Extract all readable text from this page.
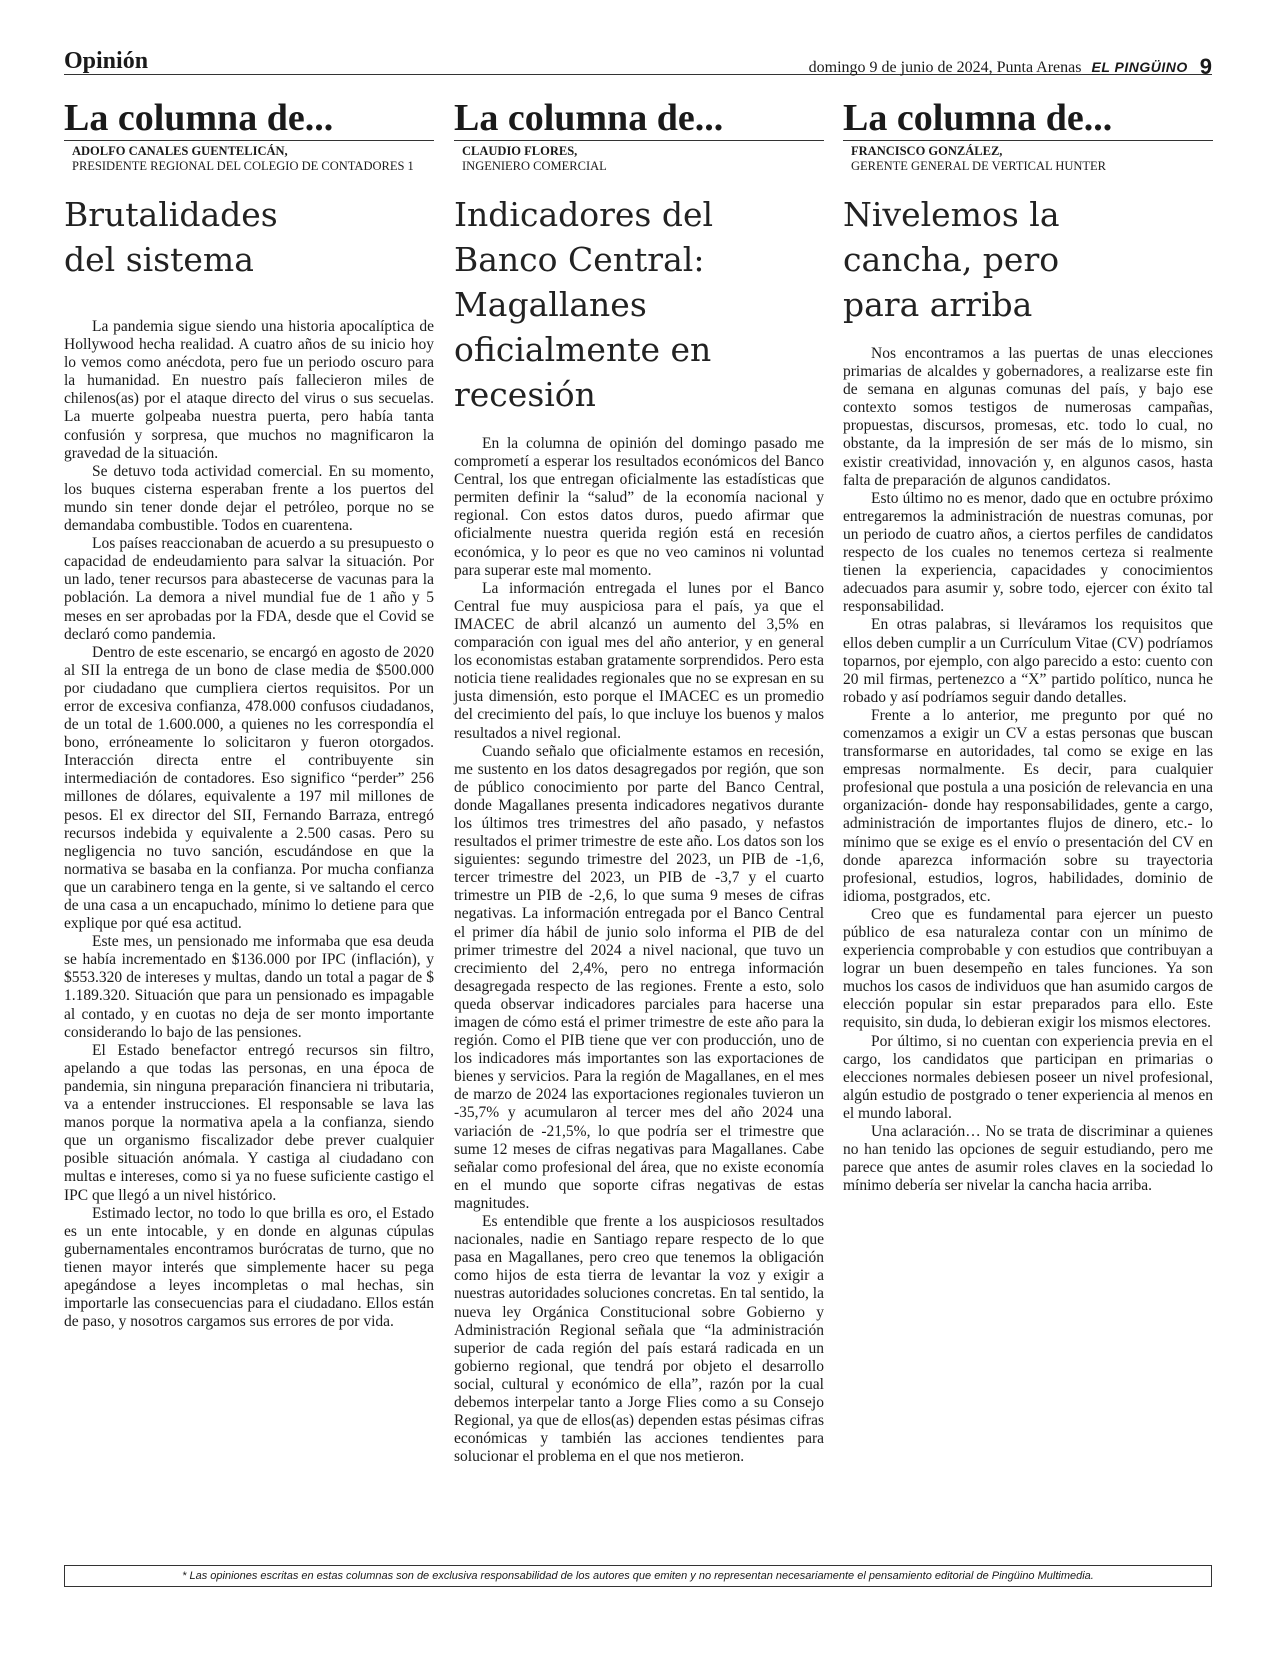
Opinión	domingo 9 de junio de 2024, Punta Arenas EL PINGÜINO 9
La columna de...
ADOLFO CANALES GUENTELICÁN,
PRESIDENTE REGIONAL DEL COLEGIO DE CONTADORES 1
Brutalidades del sistema

La pandemia sigue siendo una historia apocalíptica de Hollywood hecha realidad. A cuatro años de su inicio hoy lo vemos como anécdota, pero fue un periodo oscuro para la humanidad. En nuestro país fallecieron miles de chilenos(as) por el ataque directo del virus o sus secuelas. La muerte golpeaba nuestra puerta, pero había tanta confusión y sorpresa, que muchos no magnificaron la gravedad de la situación.

Se detuvo toda actividad comercial. En su momento, los buques cisterna esperaban frente a los puertos del mundo sin tener donde dejar el petróleo, porque no se demandaba combustible. Todos en cuarentena.

Los países reaccionaban de acuerdo a su presupuesto o capacidad de endeudamiento para salvar la situación. Por un lado, tener recursos para abastecerse de vacunas para la población. La demora a nivel mundial fue de 1 año y 5 meses en ser aprobadas por la FDA, desde que el Covid se declaró como pandemia.

Dentro de este escenario, se encargó en agosto de 2020 al SII la entrega de un bono de clase media de $500.000 por ciudadano que cumpliera ciertos requisitos. Por un error de excesiva confianza, 478.000 confusos ciudadanos, de un total de 1.600.000, a quienes no les correspondía el bono, erróneamente lo solicitaron y fueron otorgados. Interacción directa entre el contribuyente sin intermediación de contadores. Eso significo “perder” 256 millones de dólares, equivalente a 197 mil millones de pesos. El ex director del SII, Fernando Barraza, entregó recursos indebida y equivalente a 2.500 casas. Pero su negligencia no tuvo sanción, escudándose en que la normativa se basaba en la confianza. Por mucha confianza que un carabinero tenga en la gente, si ve saltando el cerco de una casa a un encapuchado, mínimo lo detiene para que explique por qué esa actitud.

Este mes, un pensionado me informaba que esa deuda se había incrementado en $136.000 por IPC (inflación), y $553.320 de intereses y multas, dando un total a pagar de $ 1.189.320. Situación que para un pensionado es impagable al contado, y en cuotas no deja de ser monto importante considerando lo bajo de las pensiones.

El Estado benefactor entregó recursos sin filtro, apelando a que todas las personas, en una época de pandemia, sin ninguna preparación financiera ni tributaria, va a entender instrucciones. El responsable se lava las manos porque la normativa apela a la confianza, siendo que un organismo fiscalizador debe prever cualquier posible situación anómala. Y castiga al ciudadano con multas e intereses, como si ya no fuese suficiente castigo el IPC que llegó a un nivel histórico.

Estimado lector, no todo lo que brilla es oro, el Estado es un ente intocable, y en donde en algunas cúpulas gubernamentales encontramos burócratas de turno, que no tienen mayor interés que simplemente hacer su pega apegándose a leyes incompletas o mal hechas, sin importarle las consecuencias para el ciudadano. Ellos están de paso, y nosotros cargamos sus errores de por vida.

La columna de...
CLAUDIO FLORES,
INGENIERO COMERCIAL
Indicadores del Banco Central: Magallanes oficialmente en recesión

En la columna de opinión del domingo pasado me comprometí a esperar los resultados económicos del Banco Central, los que entregan oficialmente las estadísticas que permiten definir la “salud” de la economía nacional y regional. Con estos datos duros, puedo afirmar que oficialmente nuestra querida región está en recesión económica, y lo peor es que no veo caminos ni voluntad para superar este mal momento.

La información entregada el lunes por el Banco Central fue muy auspiciosa para el país, ya que el IMACEC de abril alcanzó un aumento del 3,5% en comparación con igual mes del año anterior, y en general los economistas estaban gratamente sorprendidos. Pero esta noticia tiene realidades regionales que no se expresan en su justa dimensión, esto porque el IMACEC es un promedio del crecimiento del país, lo que incluye los buenos y malos resultados a nivel regional.

Cuando señalo que oficialmente estamos en recesión, me sustento en los datos desagregados por región, que son de público conocimiento por parte del Banco Central, donde Magallanes presenta indicadores negativos durante los últimos tres trimestres del año pasado, y nefastos resultados el primer trimestre de este año. Los datos son los siguientes: segundo trimestre del 2023, un PIB de -1,6, tercer trimestre del 2023, un PIB de -3,7 y el cuarto trimestre un PIB de -2,6, lo que suma 9 meses de cifras negativas. La información entregada por el Banco Central el primer día hábil de junio solo informa el PIB de del primer trimestre del 2024 a nivel nacional, que tuvo un crecimiento del 2,4%, pero no entrega información desagregada respecto de las regiones. Frente a esto, solo queda observar indicadores parciales para hacerse una imagen de cómo está el primer trimestre de este año para la región. Como el PIB tiene que ver con producción, uno de los indicadores más importantes son las exportaciones de bienes y servicios. Para la región de Magallanes, en el mes de marzo de 2024 las exportaciones regionales tuvieron un -35,7% y acumularon al tercer mes del año 2024 una variación de -21,5%, lo que podría ser el trimestre que sume 12 meses de cifras negativas para Magallanes. Cabe señalar como profesional del área, que no existe economía en el mundo que soporte cifras negativas de estas magnitudes.

Es entendible que frente a los auspiciosos resultados nacionales, nadie en Santiago repare respecto de lo que pasa en Magallanes, pero creo que tenemos la obligación como hijos de esta tierra de levantar la voz y exigir a nuestras autoridades soluciones concretas. En tal sentido, la nueva ley Orgánica Constitucional sobre Gobierno y Administración Regional señala que “la administración superior de cada región del país estará radicada en un gobierno regional, que tendrá por objeto el desarrollo social, cultural y económico de ella”, razón por la cual debemos interpelar tanto a Jorge Flies como a su Consejo Regional, ya que de ellos(as) dependen estas pésimas cifras económicas y también las acciones tendientes para solucionar el problema en el que nos metieron.

La columna de...
FRANCISCO GONZÁLEZ,
GERENTE GENERAL DE VERTICAL HUNTER
Nivelemos la cancha, pero para arriba

Nos encontramos a las puertas de unas elecciones primarias de alcaldes y gobernadores, a realizarse este fin de semana en algunas comunas del país, y bajo ese contexto somos testigos de numerosas campañas, propuestas, discursos, promesas, etc. todo lo cual, no obstante, da la impresión de ser más de lo mismo, sin existir creatividad, innovación y, en algunos casos, hasta falta de preparación de algunos candidatos.

Esto último no es menor, dado que en octubre próximo entregaremos la administración de nuestras comunas, por un periodo de cuatro años, a ciertos perfiles de candidatos respecto de los cuales no tenemos certeza si realmente tienen la experiencia, capacidades y conocimientos adecuados para asumir y, sobre todo, ejercer con éxito tal responsabilidad.

En otras palabras, si lleváramos los requisitos que ellos deben cumplir a un Currículum Vitae (CV) podríamos toparnos, por ejemplo, con algo parecido a esto: cuento con 20 mil firmas, pertenezco a “X” partido político, nunca he robado y así podríamos seguir dando detalles.

Frente a lo anterior, me pregunto por qué no comenzamos a exigir un CV a estas personas que buscan transformarse en autoridades, tal como se exige en las empresas normalmente. Es decir, para cualquier profesional que postula a una posición de relevancia en una organización- donde hay responsabilidades, gente a cargo, administración de importantes flujos de dinero, etc.- lo mínimo que se exige es el envío o presentación del CV en donde aparezca información sobre su trayectoria profesional, estudios, logros, habilidades, dominio de idioma, postgrados, etc.

Creo que es fundamental para ejercer un puesto público de esa naturaleza contar con un mínimo de experiencia comprobable y con estudios que contribuyan a lograr un buen desempeño en tales funciones. Ya son muchos los casos de individuos que han asumido cargos de elección popular sin estar preparados para ello. Este requisito, sin duda, lo debieran exigir los mismos electores.

Por último, si no cuentan con experiencia previa en el cargo, los candidatos que participan en primarias o elecciones normales debiesen poseer un nivel profesional, algún estudio de postgrado o tener experiencia al menos en el mundo laboral.

Una aclaración… No se trata de discriminar a quienes no han tenido las opciones de seguir estudiando, pero me parece que antes de asumir roles claves en la sociedad lo mínimo debería ser nivelar la cancha hacia arriba.

* Las opiniones escritas en estas columnas son de exclusiva responsabilidad de los autores que emiten y no representan necesariamente el pensamiento editorial de Pingüino Multimedia.
